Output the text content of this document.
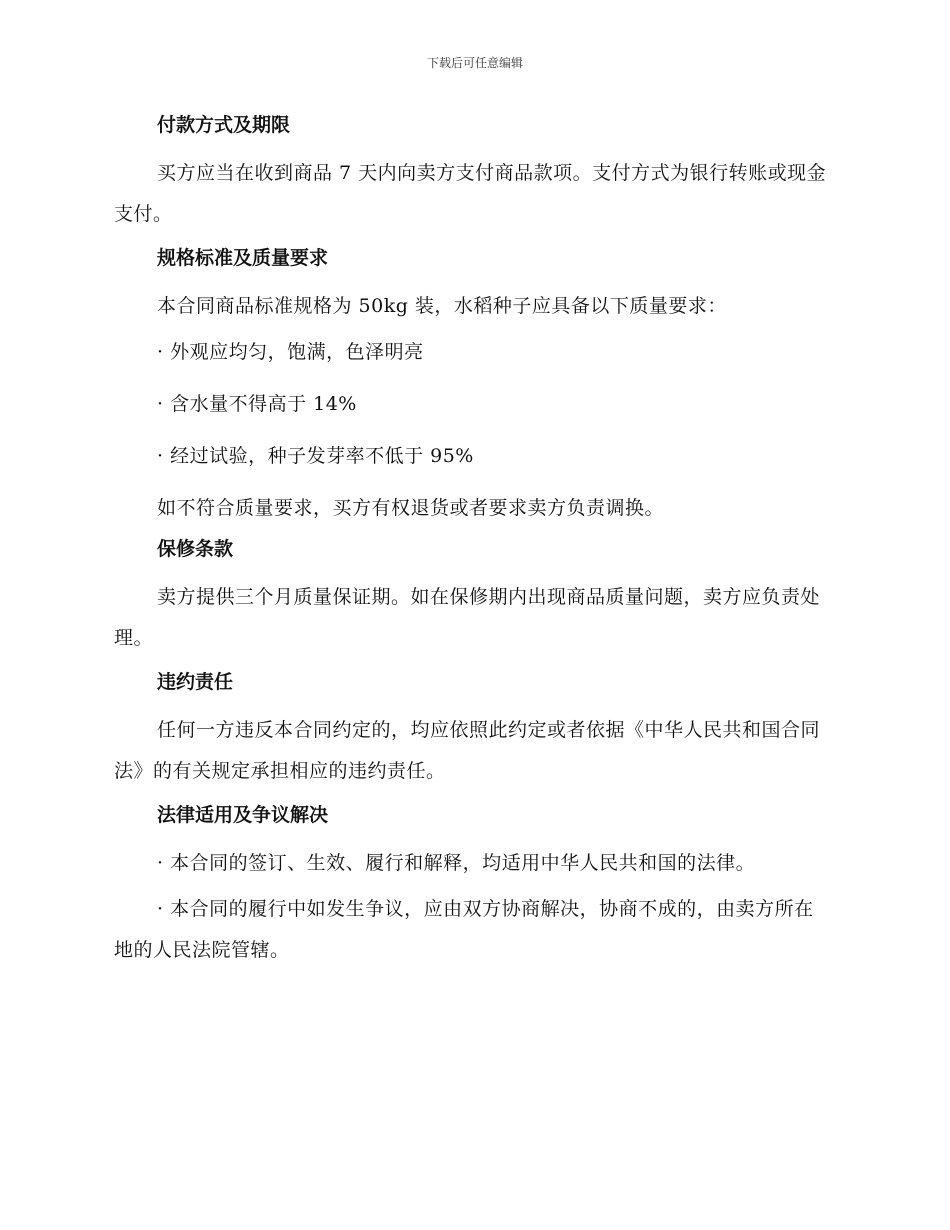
下载后可任意编辑
付款方式及期限

买方应当在收到商品 7 天内向卖方支付商品款项。支付方式为银行转账或现金支付。

规格标准及质量要求

本合同商品标准规格为 50kg 装，水稻种子应具备以下质量要求：

· 外观应均匀，饱满，色泽明亮

· 含水量不得高于 14%

· 经过试验，种子发芽率不低于 95%

如不符合质量要求，买方有权退货或者要求卖方负责调换。

保修条款

卖方提供三个月质量保证期。如在保修期内出现商品质量问题，卖方应负责处理。

违约责任

任何一方违反本合同约定的，均应依照此约定或者依据《中华人民共和国合同法》的有关规定承担相应的违约责任。

法律适用及争议解决

· 本合同的签订、生效、履行和解释，均适用中华人民共和国的法律。

· 本合同的履行中如发生争议，应由双方协商解决，协商不成的，由卖方所在地的人民法院管辖。
